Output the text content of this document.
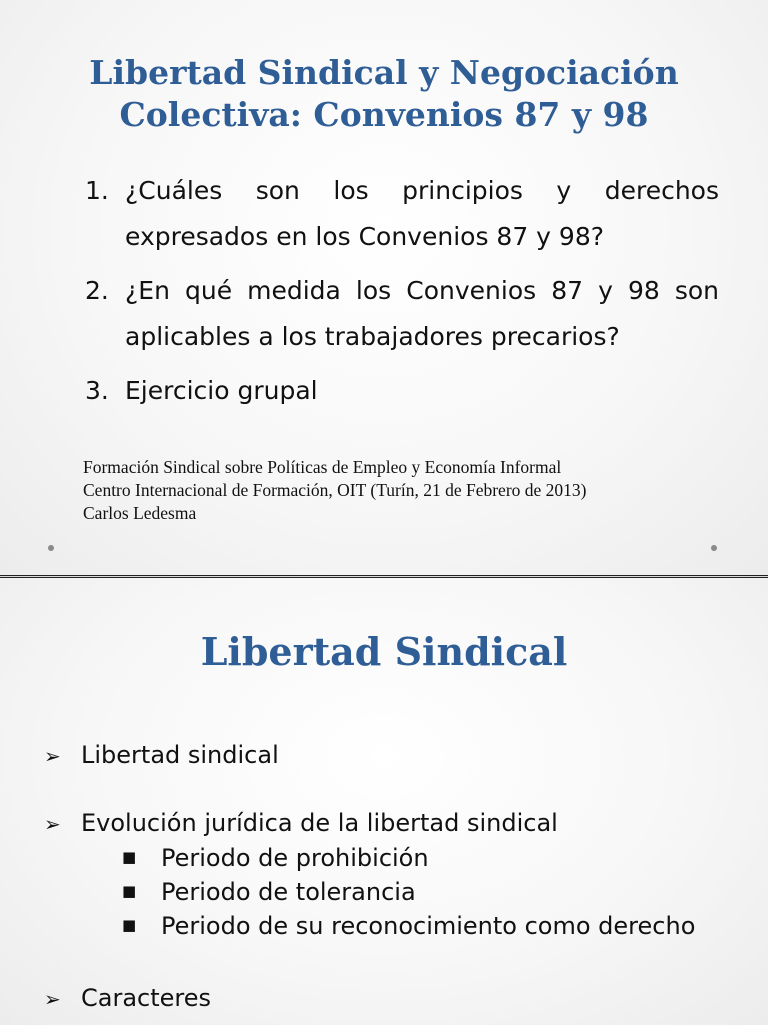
Libertad Sindical y Negociación
Colectiva: Convenios 87 y 98
1. ¿Cuáles son los principios y derechos expresados en los Convenios 87 y 98?
2. ¿En qué medida los Convenios 87 y 98 son aplicables a los trabajadores precarios?
3. Ejercicio grupal
Formación Sindical sobre Políticas de Empleo y Economía Informal
Centro Internacional de Formación, OIT (Turín, 21 de Febrero de 2013)
Carlos Ledesma
Libertad Sindical
➢ Libertad sindical
➢ Evolución jurídica de la libertad sindical
■ Periodo de prohibición
■ Periodo de tolerancia
■ Periodo de su reconocimiento como derecho
➢ Caracteres
